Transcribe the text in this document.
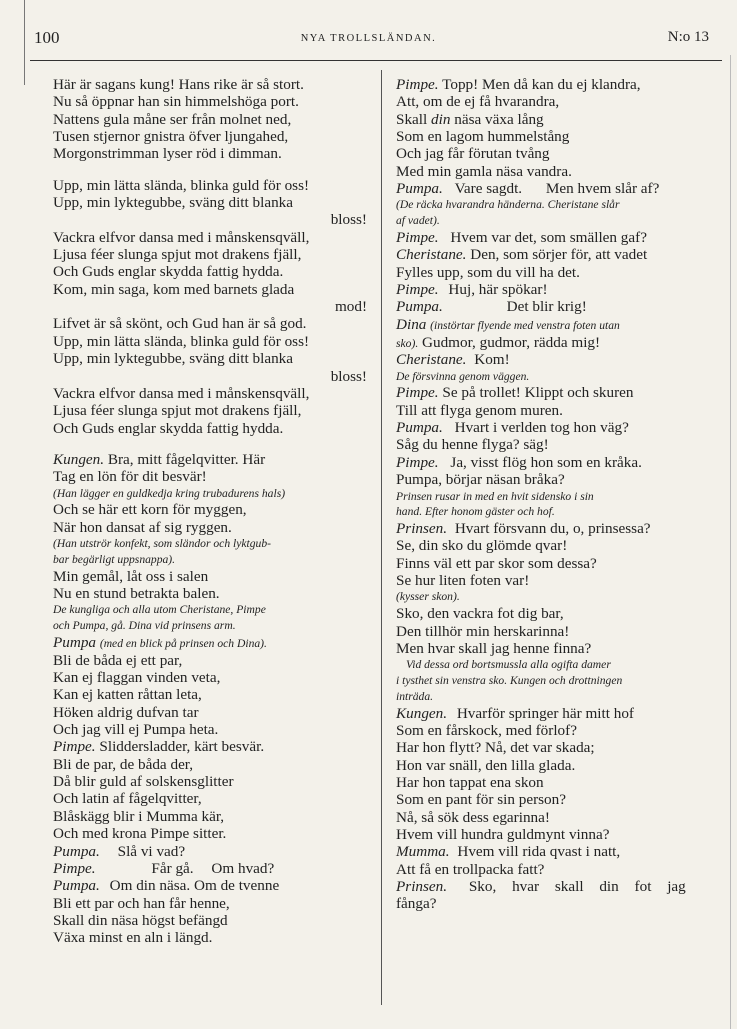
100	NYA TROLLSLÄNDAN.	N:o 13
Här är sagans kung! Hans rike är så stort.
Nu så öppnar han sin himmelshöga port.
Nattens gula måne ser från molnet ned,
Tusen stjernor gnistra öfver ljungahed,
Morgonstrimman lyser röd i dimman.
Upp, min lätta slända, blinka guld för oss!
Upp, min lyktegubbe, sväng ditt blanka
bloss!
Vackra elfvor dansa med i månskensqväll,
Ljusa féer slunga spjut mot drakens fjäll,
Och Guds englar skydda fattig hydda.
Kom, min saga, kom med barnets glada
mod!
Lifvet är så skönt, och Gud han är så god.
Upp, min lätta slända, blinka guld för oss!
Upp, min lyktegubbe, sväng ditt blanka
bloss!
Vackra elfvor dansa med i månskensqväll,
Ljusa féer slunga spjut mot drakens fjäll,
Och Guds englar skydda fattig hydda.
Kungen. Bra, mitt fågelqvitter. Här
Tag en lön för dit besvär!
(Han lägger en guldkedja kring trubadurens hals)
Och se här ett korn för myggen,
När hon dansat af sig ryggen.
(Han utströr konfekt, som sländor och lyktgub-
bar begärligt uppsnappa).
Min gemål, låt oss i salen
Nu en stund betrakta balen.
De kungliga och alla utom Cheristane, Pimpe
och Pumpa, gå. Dina vid prinsens arm.
Pumpa (med en blick på prinsen och Dina).
Bli de båda ej ett par,
Kan ej flaggan vinden veta,
Kan ej katten råttan leta,
Höken aldrig dufvan tar
Och jag vill ej Pumpa heta.
Pimpe. Sliddersladder, kärt besvär.
Bli de par, de båda der,
Då blir guld af solskensglitter
Och latin af fågelqvitter,
Blåskägg blir i Mumma kär,
Och med krona Pimpe sitter.
Pumpa. Slå vi vad?
Pimpe.	Får gå. Om hvad?
Pumpa. Om din näsa. Om de tvenne
Bli ett par och han får henne,
Skall din näsa högst befängd
Växa minst en aln i längd.
Pimpe. Topp! Men då kan du ej klandra,
Att, om de ej få hvarandra,
Skall din näsa växa lång
Som en lagom hummelstång
Och jag får förutan tvång
Med min gamla näsa vandra.
Pumpa. Vare sagdt. Men hvem slår af?
(De räcka hvarandra händerna. Cheristane slår
af vadet).
Pimpe. Hvem var det, som smällen gaf?
Cheristane. Den, som sörjer för, att vadet
Fylles upp, som du vill ha det.
Pimpe. Huj, här spökar!
Pumpa.	Det blir krig!
Dina (instörtar flyende med venstra foten utan
sko). Gudmor, gudmor, rädda mig!
Cheristane. Kom!
De försvinna genom väggen.
Pimpe. Se på trollet! Klippt och skuren
Till att flyga genom muren.
Pumpa. Hvart i verlden tog hon väg?
Såg du henne flyga? säg!
Pimpe. Ja, visst flög hon som en kråka.
Pumpa, börjar näsan bråka?
Prinsen rusar in med en hvit sidensko i sin
hand. Efter honom gäster och hof.
Prinsen. Hvart försvann du, o, prinsessa?
Se, din sko du glömde qvar!
Finns väl ett par skor som dessa?
Se hur liten foten var!
(kysser skon).
Sko, den vackra fot dig bar,
Den tillhör min herskarinna!
Men hvar skall jag henne finna?
Vid dessa ord bortsmussla alla ogifta damer
i tysthet sin venstra sko. Kungen och drottningen
inträda.
Kungen. Hvarför springer här mitt hof
Som en fårskock, med förlof?
Har hon flytt? Nå, det var skada;
Hon var snäll, den lilla glada.
Har hon tappat ena skon
Som en pant för sin person?
Nå, så sök dess egarinna!
Hvem vill hundra guldmynt vinna?
Mumma. Hvem vill rida qvast i natt,
Att få en trollpacka fatt?
Prinsen. Sko, hvar skall din fot jag
fånga?
